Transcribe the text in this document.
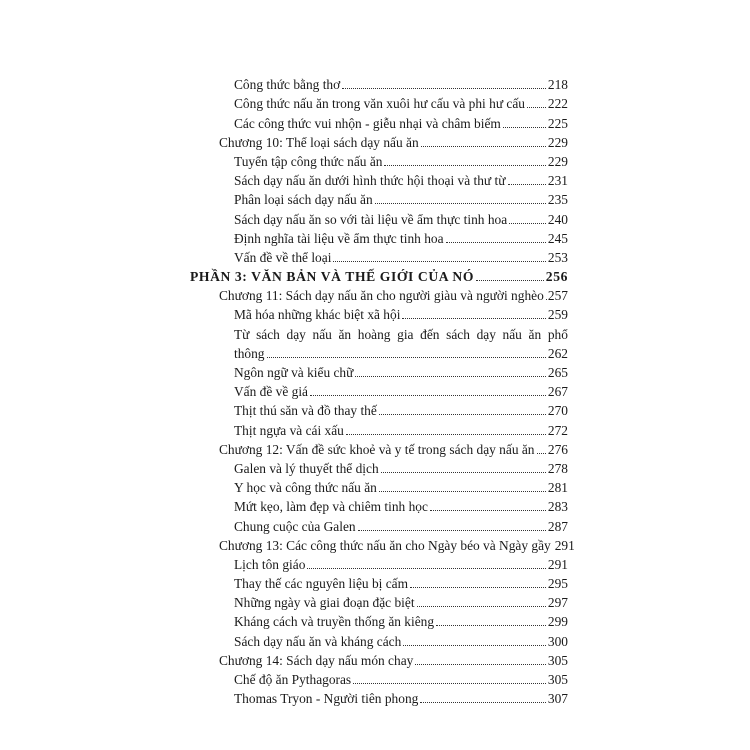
Công thức bằng thơ	218
Công thức nấu ăn trong văn xuôi hư cấu và phi hư cấu 222
Các công thức vui nhộn - giễu nhại và châm biếm	225
Chương 10: Thể loại sách dạy nấu ăn	229
Tuyển tập công thức nấu ăn	229
Sách dạy nấu ăn dưới hình thức hội thoại và thư từ	231
Phân loại sách dạy nấu ăn	235
Sách dạy nấu ăn so với tài liệu về ẩm thực tinh hoa	240
Định nghĩa tài liệu về ẩm thực tinh hoa	245
Vấn đề về thể loại	253
PHẦN 3: VĂN BẢN VÀ THẾ GIỚI CỦA NÓ	256
Chương 11: Sách dạy nấu ăn cho người giàu và người nghèo 257
Mã hóa những khác biệt xã hội	259
Từ sách dạy nấu ăn hoàng gia đến sách dạy nấu ăn phổ
thông	262
Ngôn ngữ và kiểu chữ	265
Vấn đề về giá	267
Thịt thú săn và đồ thay thế	270
Thịt ngựa và cái xấu	272
Chương 12: Vấn đề sức khoẻ và y tế trong sách dạy nấu ăn 276
Galen và lý thuyết thể dịch	278
Y học và công thức nấu ăn	281
Mứt kẹo, làm đẹp và chiêm tinh học	283
Chung cuộc của Galen	287
Chương 13: Các công thức nấu ăn cho Ngày béo và Ngày gầy 291
Lịch tôn giáo	291
Thay thế các nguyên liệu bị cấm	295
Những ngày và giai đoạn đặc biệt	297
Kháng cách và truyền thống ăn kiêng	299
Sách dạy nấu ăn và kháng cách	300
Chương 14: Sách dạy nấu món chay	305
Chế độ ăn Pythagoras	305
Thomas Tryon - Người tiên phong	307
